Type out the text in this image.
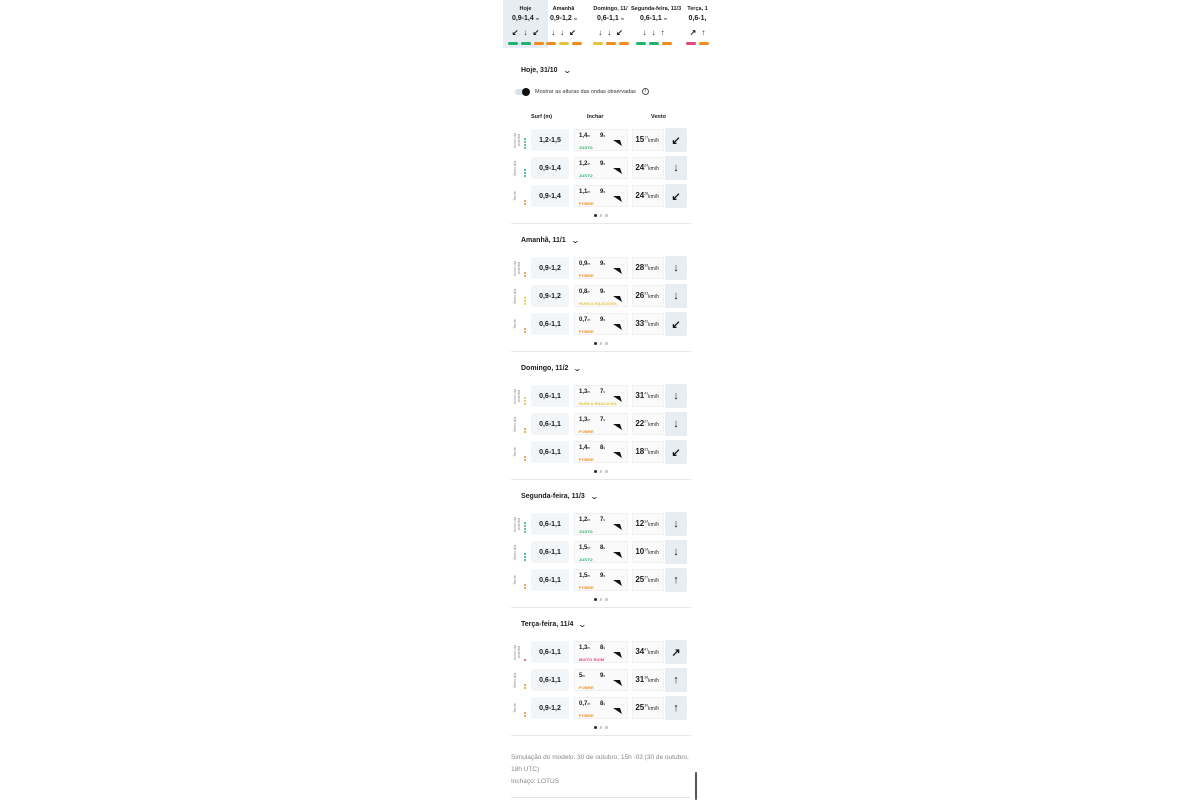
Hoje
0,9-1,4 m
↙ ↓ ↙
Amanhã
0,9-1,2 m
↓ ↓ ↙
Domingo, 11/
0,6-1,1 m
↓ ↓ ↙
Segunda-feira, 11/3
0,6-1,1 m
↓ ↓ ↑
Terça, 1
0,6-1,
↗ ↑
Hoje, 31/10 ⌄
Início da manhã	1,2-1,5
1,4m 9s
JUSTO
$15^{17}km/h$ ↙
Meio-dia	0,9-1,4
1,2m 9s
JUSTO
$24^{24}km/h$ ↓
Tarde	0,9-1,4
1,1m 9s
POBRE
$24^{28}km/h$ ↙
Mostrar as alturas das ondas observadas	i
Surf (m)	Inchar	Vento
Amanhã, 11/1 ⌄
Início da manhã	0,9-1,2
0,9m 9s
POBRE
$28^{36}km/h$ ↓
Meio-dia	0,9-1,2
0,8m 9s
RUIM A RAZOÁVEL
$26^{33}km/h$ ↓
Tarde	0,6-1,1
0,7m 9s
POBRE
$33^{42}km/h$ ↙
Domingo, 11/2 ⌄
Início da manhã	0,6-1,1
1,3m 7s
RUIM A RAZOÁVEL
$31^{41}km/h$ ↓
Meio-dia	0,6-1,1
1,3m 7s
POBRE
$22^{27}km/h$ ↓
Tarde	0,6-1,1
1,4m 8s
POBRE
$18^{23}km/h$ ↙
Segunda-feira, 11/3 ⌄
Início da manhã	0,6-1,1
1,2m 7s
JUSTO
$12^{14}km/h$ ↓
Meio-dia	0,6-1,1
1,5m 8s
JUSTO
$10^{14}km/h$ ↓
Tarde	0,6-1,1
1,5m 9s
POBRE
$25^{27}km/h$ ↑
Terça-feira, 11/4 ⌄
Início da manhã	0,6-1,1
1,3m 8s
MUITO RUIM
$34^{41}km/h$ ↗
Meio-dia	0,6-1,1
5m 9s
POBRE
$31^{38}km/h$ ↑
Tarde	0,9-1,2
0,7m 8s
POBRE
$25^{30}km/h$ ↑
Simulação do modelo: 30 de outubro, 15h -03 (30 de outubro, 18h UTC)
Inchaço: LOTUS
